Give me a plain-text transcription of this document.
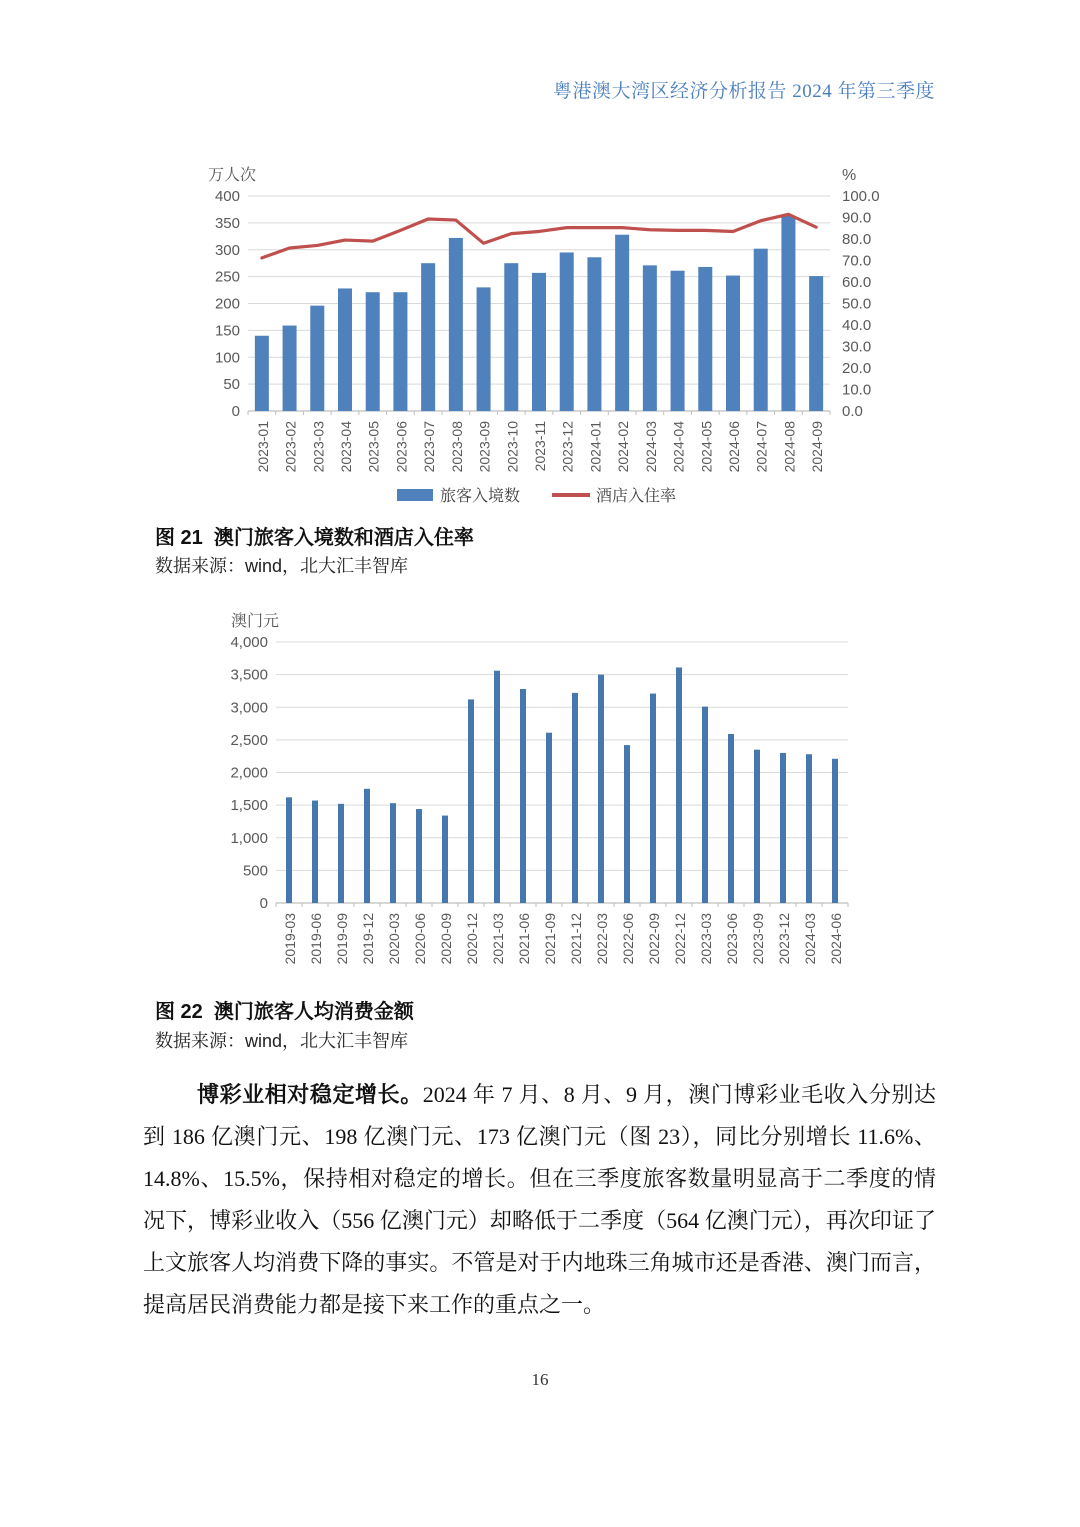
粤港澳大湾区经济分析报告 2024 年第三季度
400
350
300
250
200
150
100
50
0
100.0
90.0
80.0
70.0
60.0
50.0
40.0
30.0
20.0
10.0
0.0
万人次	%
2023-01 2023-02 2023-03 2023-04 2023-05 2023-06 2023-07 2023-08 2023-09 2023-10 2023-11 2023-12 2024-01 2024-02 2024-03 2024-04 2024-05 2024-06 2024-07 2024-08 2024-09
旅客入境数	酒店入住率
图 21  澳门旅客入境数和酒店入住率
数据来源：wind，北大汇丰智库
4,000
3,500
3,000
2,500
2,000
1,500
1,000
500
0
澳门元
2019-03 2019-06 2019-09 2019-12 2020-03 2020-06 2020-09 2020-12 2021-03 2021-06 2021-09 2021-12 2022-03 2022-06 2022-09 2022-12 2023-03 2023-06 2023-09 2023-12 2024-03 2024-06
图 22  澳门旅客人均消费金额
数据来源：wind，北大汇丰智库

博彩业相对稳定增长。2024 年 7 月、8 月、9 月，澳门博彩业毛收入分别达到 186 亿澳门元、198 亿澳门元、173 亿澳门元（图 23），同比分别增长 11.6%、14.8%、15.5%，保持相对稳定的增长。但在三季度旅客数量明显高于二季度的情况下，博彩业收入（556 亿澳门元）却略低于二季度（564 亿澳门元），再次印证了上文旅客人均消费下降的事实。不管是对于内地珠三角城市还是香港、澳门而言，提高居民消费能力都是接下来工作的重点之一。

16
